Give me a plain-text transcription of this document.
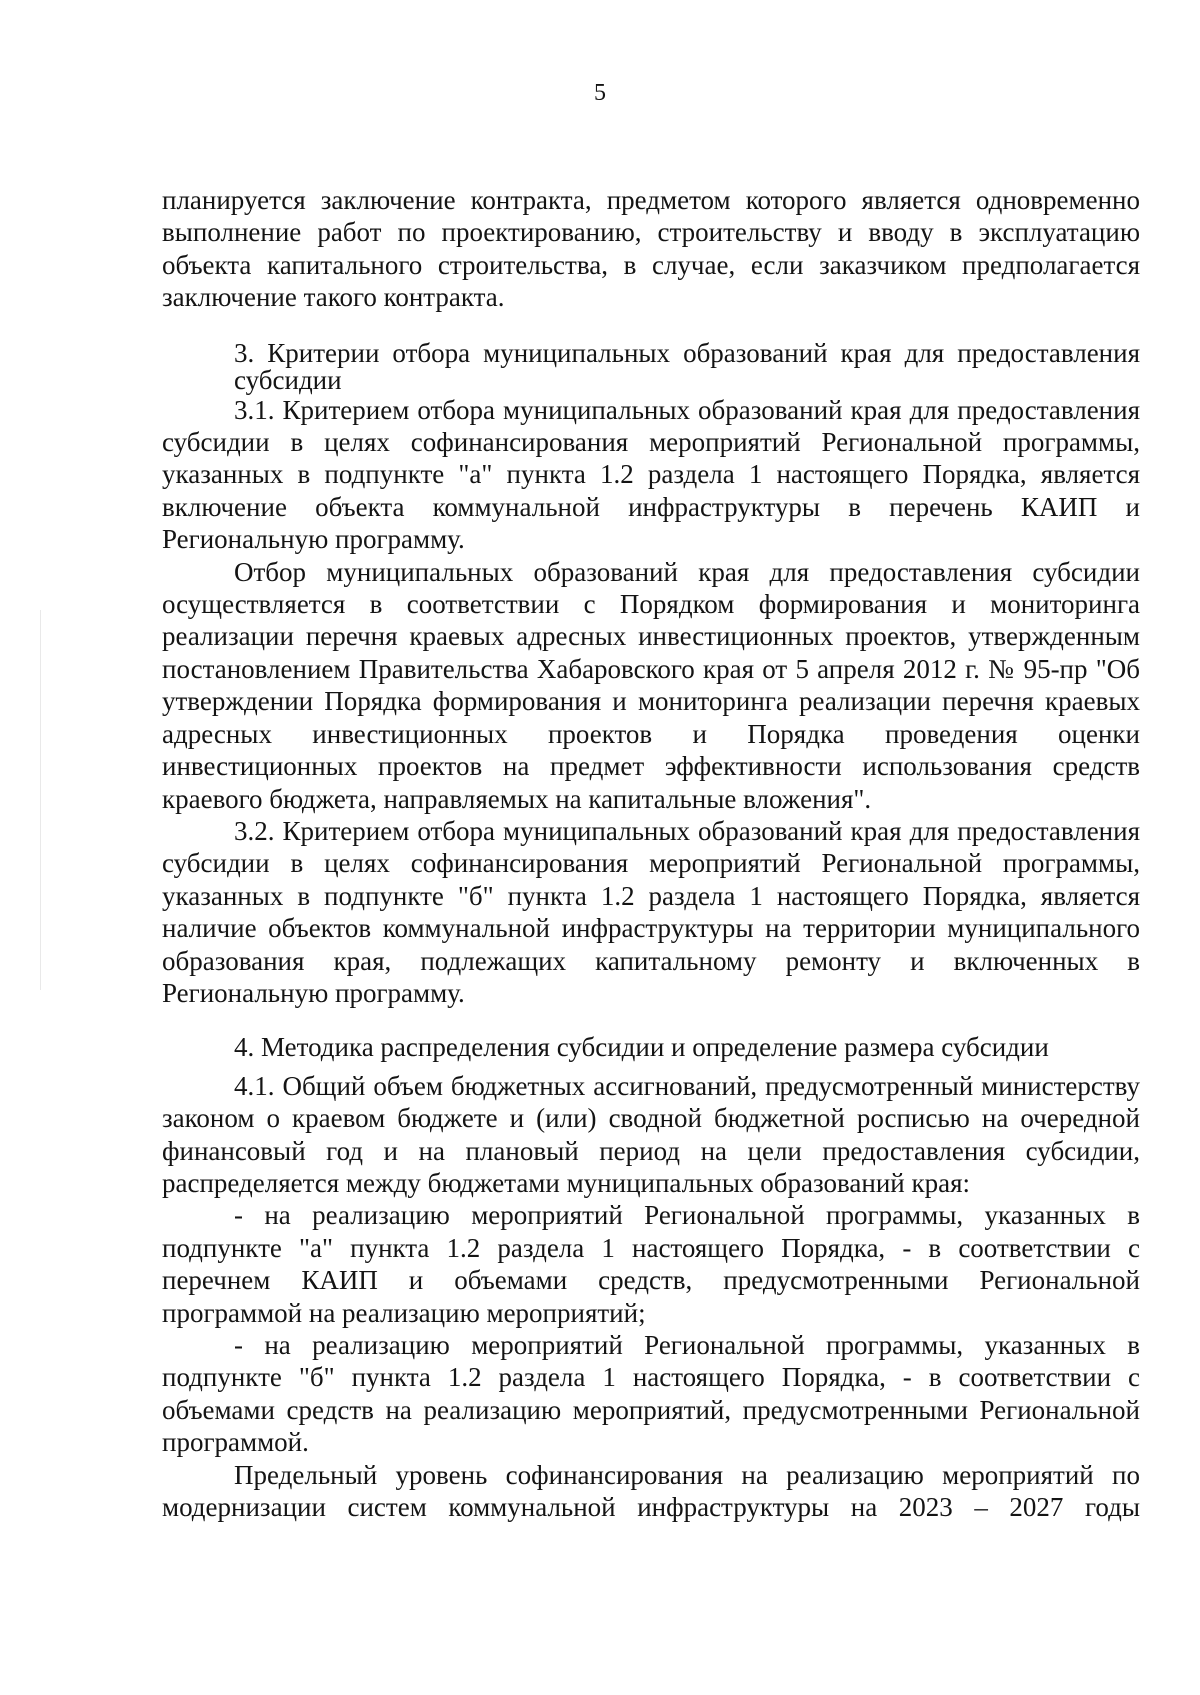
5

планируется заключение контракта, предметом которого является одновременно выполнение работ по проектированию, строительству и вводу в эксплуатацию объекта капитального строительства, в случае, если заказчиком предполагается заключение такого контракта.

3. Критерии отбора муниципальных образований края для предоставления субсидии

3.1. Критерием отбора муниципальных образований края для предоставления субсидии в целях софинансирования мероприятий Региональной программы, указанных в подпункте "а" пункта 1.2 раздела 1 настоящего Порядка, является включение объекта коммунальной инфраструктуры в перечень КАИП и Региональную программу.

Отбор муниципальных образований края для предоставления субсидии осуществляется в соответствии с Порядком формирования и мониторинга реализации перечня краевых адресных инвестиционных проектов, утвержденным постановлением Правительства Хабаровского края от 5 апреля 2012 г. № 95-пр "Об утверждении Порядка формирования и мониторинга реализации перечня краевых адресных инвестиционных проектов и Порядка проведения оценки инвестиционных проектов на предмет эффективности использования средств краевого бюджета, направляемых на капитальные вложения".

3.2. Критерием отбора муниципальных образований края для предоставления субсидии в целях софинансирования мероприятий Региональной программы, указанных в подпункте "б" пункта 1.2 раздела 1 настоящего Порядка, является наличие объектов коммунальной инфраструктуры на территории муниципального образования края, подлежащих капитальному ремонту и включенных в Региональную программу.

4. Методика распределения субсидии и определение размера субсидии

4.1. Общий объем бюджетных ассигнований, предусмотренный министерству законом о краевом бюджете и (или) сводной бюджетной росписью на очередной финансовый год и на плановый период на цели предоставления субсидии, распределяется между бюджетами муниципальных образований края:

- на реализацию мероприятий Региональной программы, указанных в подпункте "а" пункта 1.2 раздела 1 настоящего Порядка, - в соответствии с перечнем КАИП и объемами средств, предусмотренными Региональной программой на реализацию мероприятий;

- на реализацию мероприятий Региональной программы, указанных в подпункте "б" пункта 1.2 раздела 1 настоящего Порядка, - в соответствии с объемами средств на реализацию мероприятий, предусмотренными Региональной программой.

Предельный уровень софинансирования на реализацию мероприятий по модернизации систем коммунальной инфраструктуры на 2023 – 2027 годы
